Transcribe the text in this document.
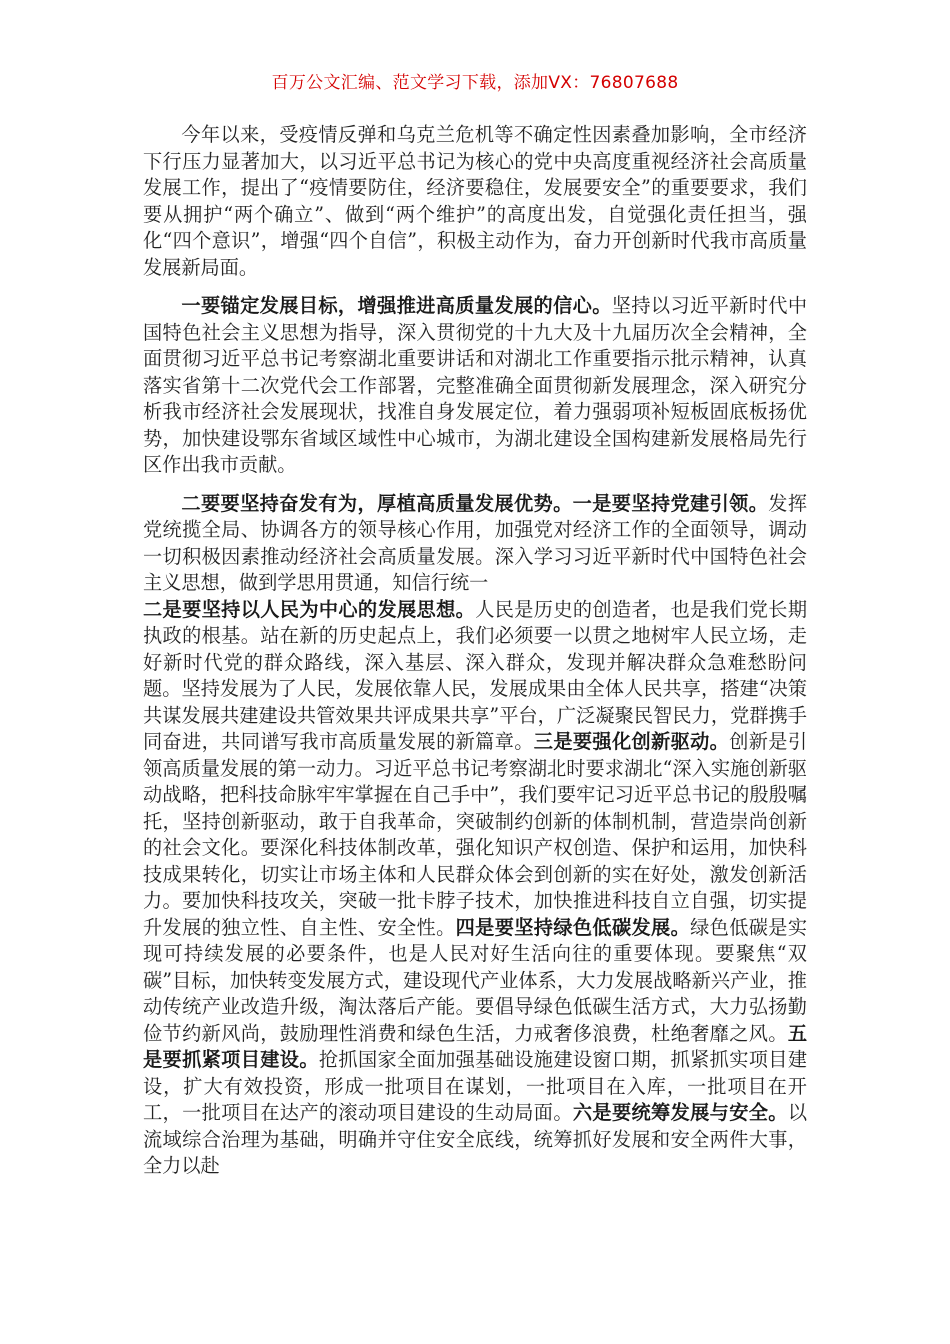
百万公文汇编、范文学习下载，添加VX：76807688

今年以来，受疫情反弹和乌克兰危机等不确定性因素叠加影响，全市经济下行压力显著加大，以习近平总书记为核心的党中央高度重视经济社会高质量发展工作，提出了“疫情要防住，经济要稳住，发展要安全”的重要要求，我们要从拥护“两个确立”、做到“两个维护”的高度出发，自觉强化责任担当，强化“四个意识”，增强“四个自信”，积极主动作为，奋力开创新时代我市高质量发展新局面。

一要锚定发展目标，增强推进高质量发展的信心。坚持以习近平新时代中国特色社会主义思想为指导，深入贯彻党的十九大及十九届历次全会精神，全面贯彻习近平总书记考察湖北重要讲话和对湖北工作重要指示批示精神，认真落实省第十二次党代会工作部署，完整准确全面贯彻新发展理念，深入研究分析我市经济社会发展现状，找准自身发展定位，着力强弱项补短板固底板扬优势，加快建设鄂东省域区域性中心城市，为湖北建设全国构建新发展格局先行区作出我市贡献。

二要要坚持奋发有为，厚植高质量发展优势。一是要坚持党建引领。发挥党统揽全局、协调各方的领导核心作用，加强党对经济工作的全面领导，调动一切积极因素推动经济社会高质量发展。深入学习习近平新时代中国特色社会主义思想，做到学思用贯通，知信行统一
二是要坚持以人民为中心的发展思想。人民是历史的创造者，也是我们党长期执政的根基。站在新的历史起点上，我们必须要一以贯之地树牢人民立场，走好新时代党的群众路线，深入基层、深入群众，发现并解决群众急难愁盼问题。坚持发展为了人民，发展依靠人民，发展成果由全体人民共享，搭建“决策共谋发展共建建设共管效果共评成果共享”平台，广泛凝聚民智民力，党群携手同奋进，共同谱写我市高质量发展的新篇章。三是要强化创新驱动。创新是引领高质量发展的第一动力。习近平总书记考察湖北时要求湖北“深入实施创新驱动战略，把科技命脉牢牢掌握在自己手中”，我们要牢记习近平总书记的殷殷嘱托，坚持创新驱动，敢于自我革命，突破制约创新的体制机制，营造崇尚创新的社会文化。要深化科技体制改革，强化知识产权创造、保护和运用，加快科技成果转化，切实让市场主体和人民群众体会到创新的实在好处，激发创新活力。要加快科技攻关，突破一批卡脖子技术，加快推进科技自立自强，切实提升发展的独立性、自主性、安全性。四是要坚持绿色低碳发展。绿色低碳是实现可持续发展的必要条件，也是人民对好生活向往的重要体现。要聚焦“双碳”目标，加快转变发展方式，建设现代产业体系，大力发展战略新兴产业，推动传统产业改造升级，淘汰落后产能。要倡导绿色低碳生活方式，大力弘扬勤俭节约新风尚，鼓励理性消费和绿色生活，力戒奢侈浪费，杜绝奢靡之风。五是要抓紧项目建设。抢抓国家全面加强基础设施建设窗口期，抓紧抓实项目建设，扩大有效投资，形成一批项目在谋划，一批项目在入库，一批项目在开工，一批项目在达产的滚动项目建设的生动局面。六是要统筹发展与安全。以流域综合治理为基础，明确并守住安全底线，统筹抓好发展和安全两件大事，全力以赴
